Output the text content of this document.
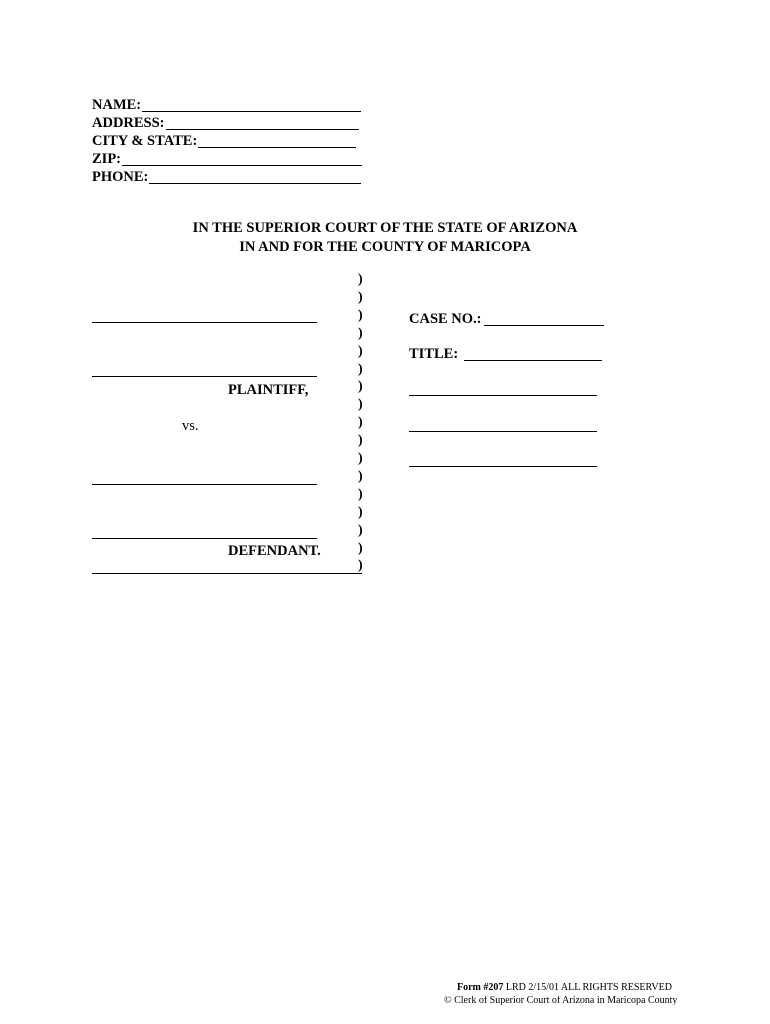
NAME:
ADDRESS:
CITY & STATE:
ZIP:
PHONE:
IN THE SUPERIOR COURT OF THE STATE OF ARIZONA
IN AND FOR THE COUNTY OF MARICOPA
)
)
)
)
)
)
)
)
)
)
)
)
)
)
)
)
)
PLAINTIFF,
vs.
DEFENDANT.
CASE NO.:
TITLE:
Form #207 LRD 2/15/01 ALL RIGHTS RESERVED
© Clerk of Superior Court of Arizona in Maricopa County
